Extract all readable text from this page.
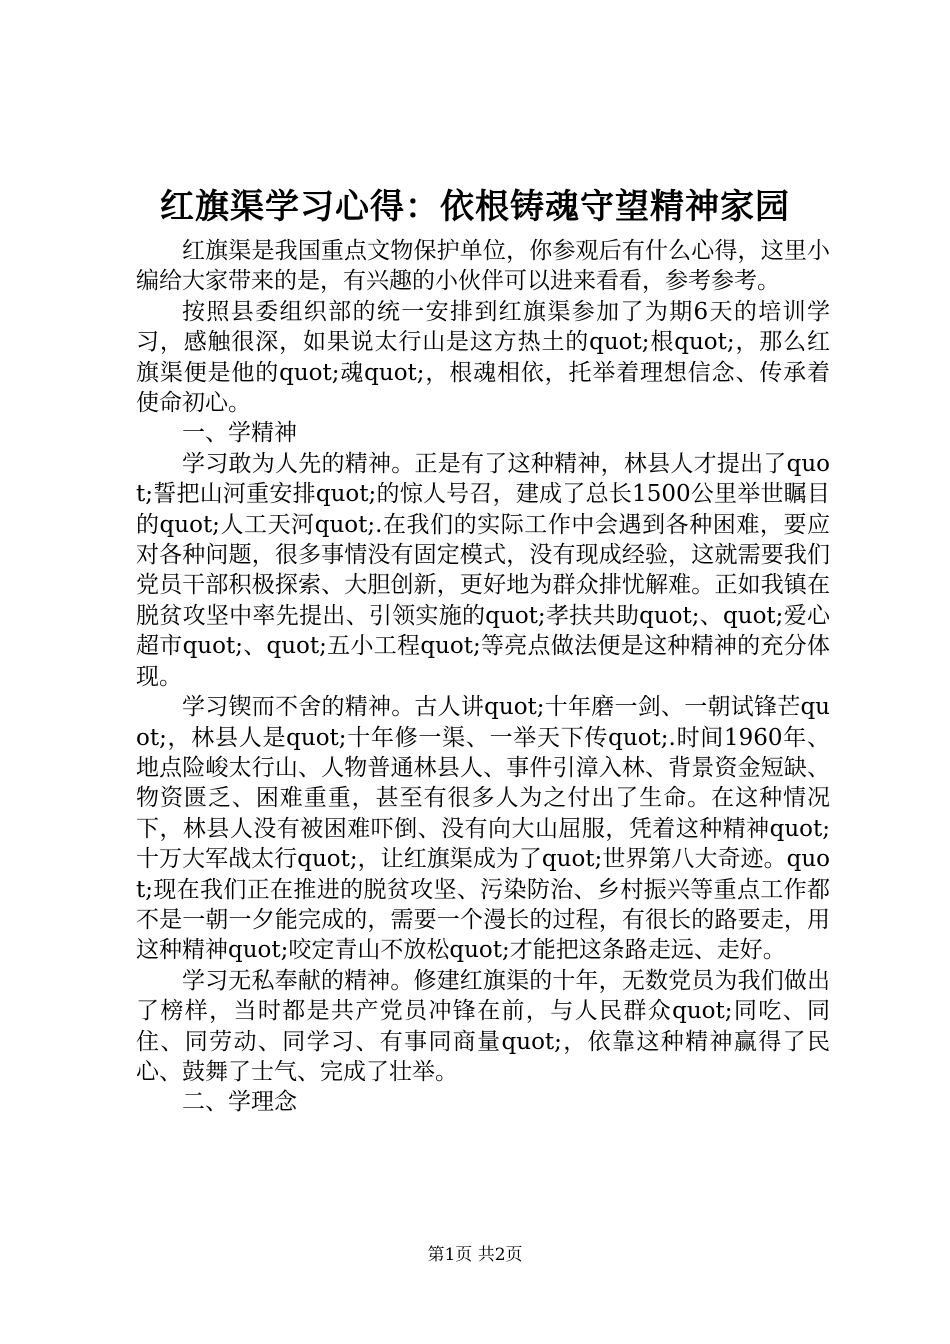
红旗渠学习心得：依根铸魂守望精神家园

红旗渠是我国重点文物保护单位，你参观后有什么心得，这里小编给大家带来的是，有兴趣的小伙伴可以进来看看，参考参考。

按照县委组织部的统一安排到红旗渠参加了为期6天的培训学习，感触很深，如果说太行山是这方热土的quot;根quot;，那么红旗渠便是他的quot;魂quot;，根魂相依，托举着理想信念、传承着使命初心。

一、学精神

学习敢为人先的精神。正是有了这种精神，林县人才提出了quot;誓把山河重安排quot;的惊人号召，建成了总长1500公里举世瞩目的quot;人工天河quot;.在我们的实际工作中会遇到各种困难，要应对各种问题，很多事情没有固定模式，没有现成经验，这就需要我们党员干部积极探索、大胆创新，更好地为群众排忧解难。正如我镇在脱贫攻坚中率先提出、引领实施的quot;孝扶共助quot;、quot;爱心超市quot;、quot;五小工程quot;等亮点做法便是这种精神的充分体现。

学习锲而不舍的精神。古人讲quot;十年磨一剑、一朝试锋芒quot;，林县人是quot;十年修一渠、一举天下传quot;.时间1960年、地点险峻太行山、人物普通林县人、事件引漳入林、背景资金短缺、物资匮乏、困难重重，甚至有很多人为之付出了生命。在这种情况下，林县人没有被困难吓倒、没有向大山屈服，凭着这种精神quot;十万大军战太行quot;，让红旗渠成为了quot;世界第八大奇迹。quot;现在我们正在推进的脱贫攻坚、污染防治、乡村振兴等重点工作都不是一朝一夕能完成的，需要一个漫长的过程，有很长的路要走，用这种精神quot;咬定青山不放松quot;才能把这条路走远、走好。

学习无私奉献的精神。修建红旗渠的十年，无数党员为我们做出了榜样，当时都是共产党员冲锋在前，与人民群众quot;同吃、同住、同劳动、同学习、有事同商量quot;，依靠这种精神赢得了民心、鼓舞了士气、完成了壮举。

二、学理念

第1页 共2页
